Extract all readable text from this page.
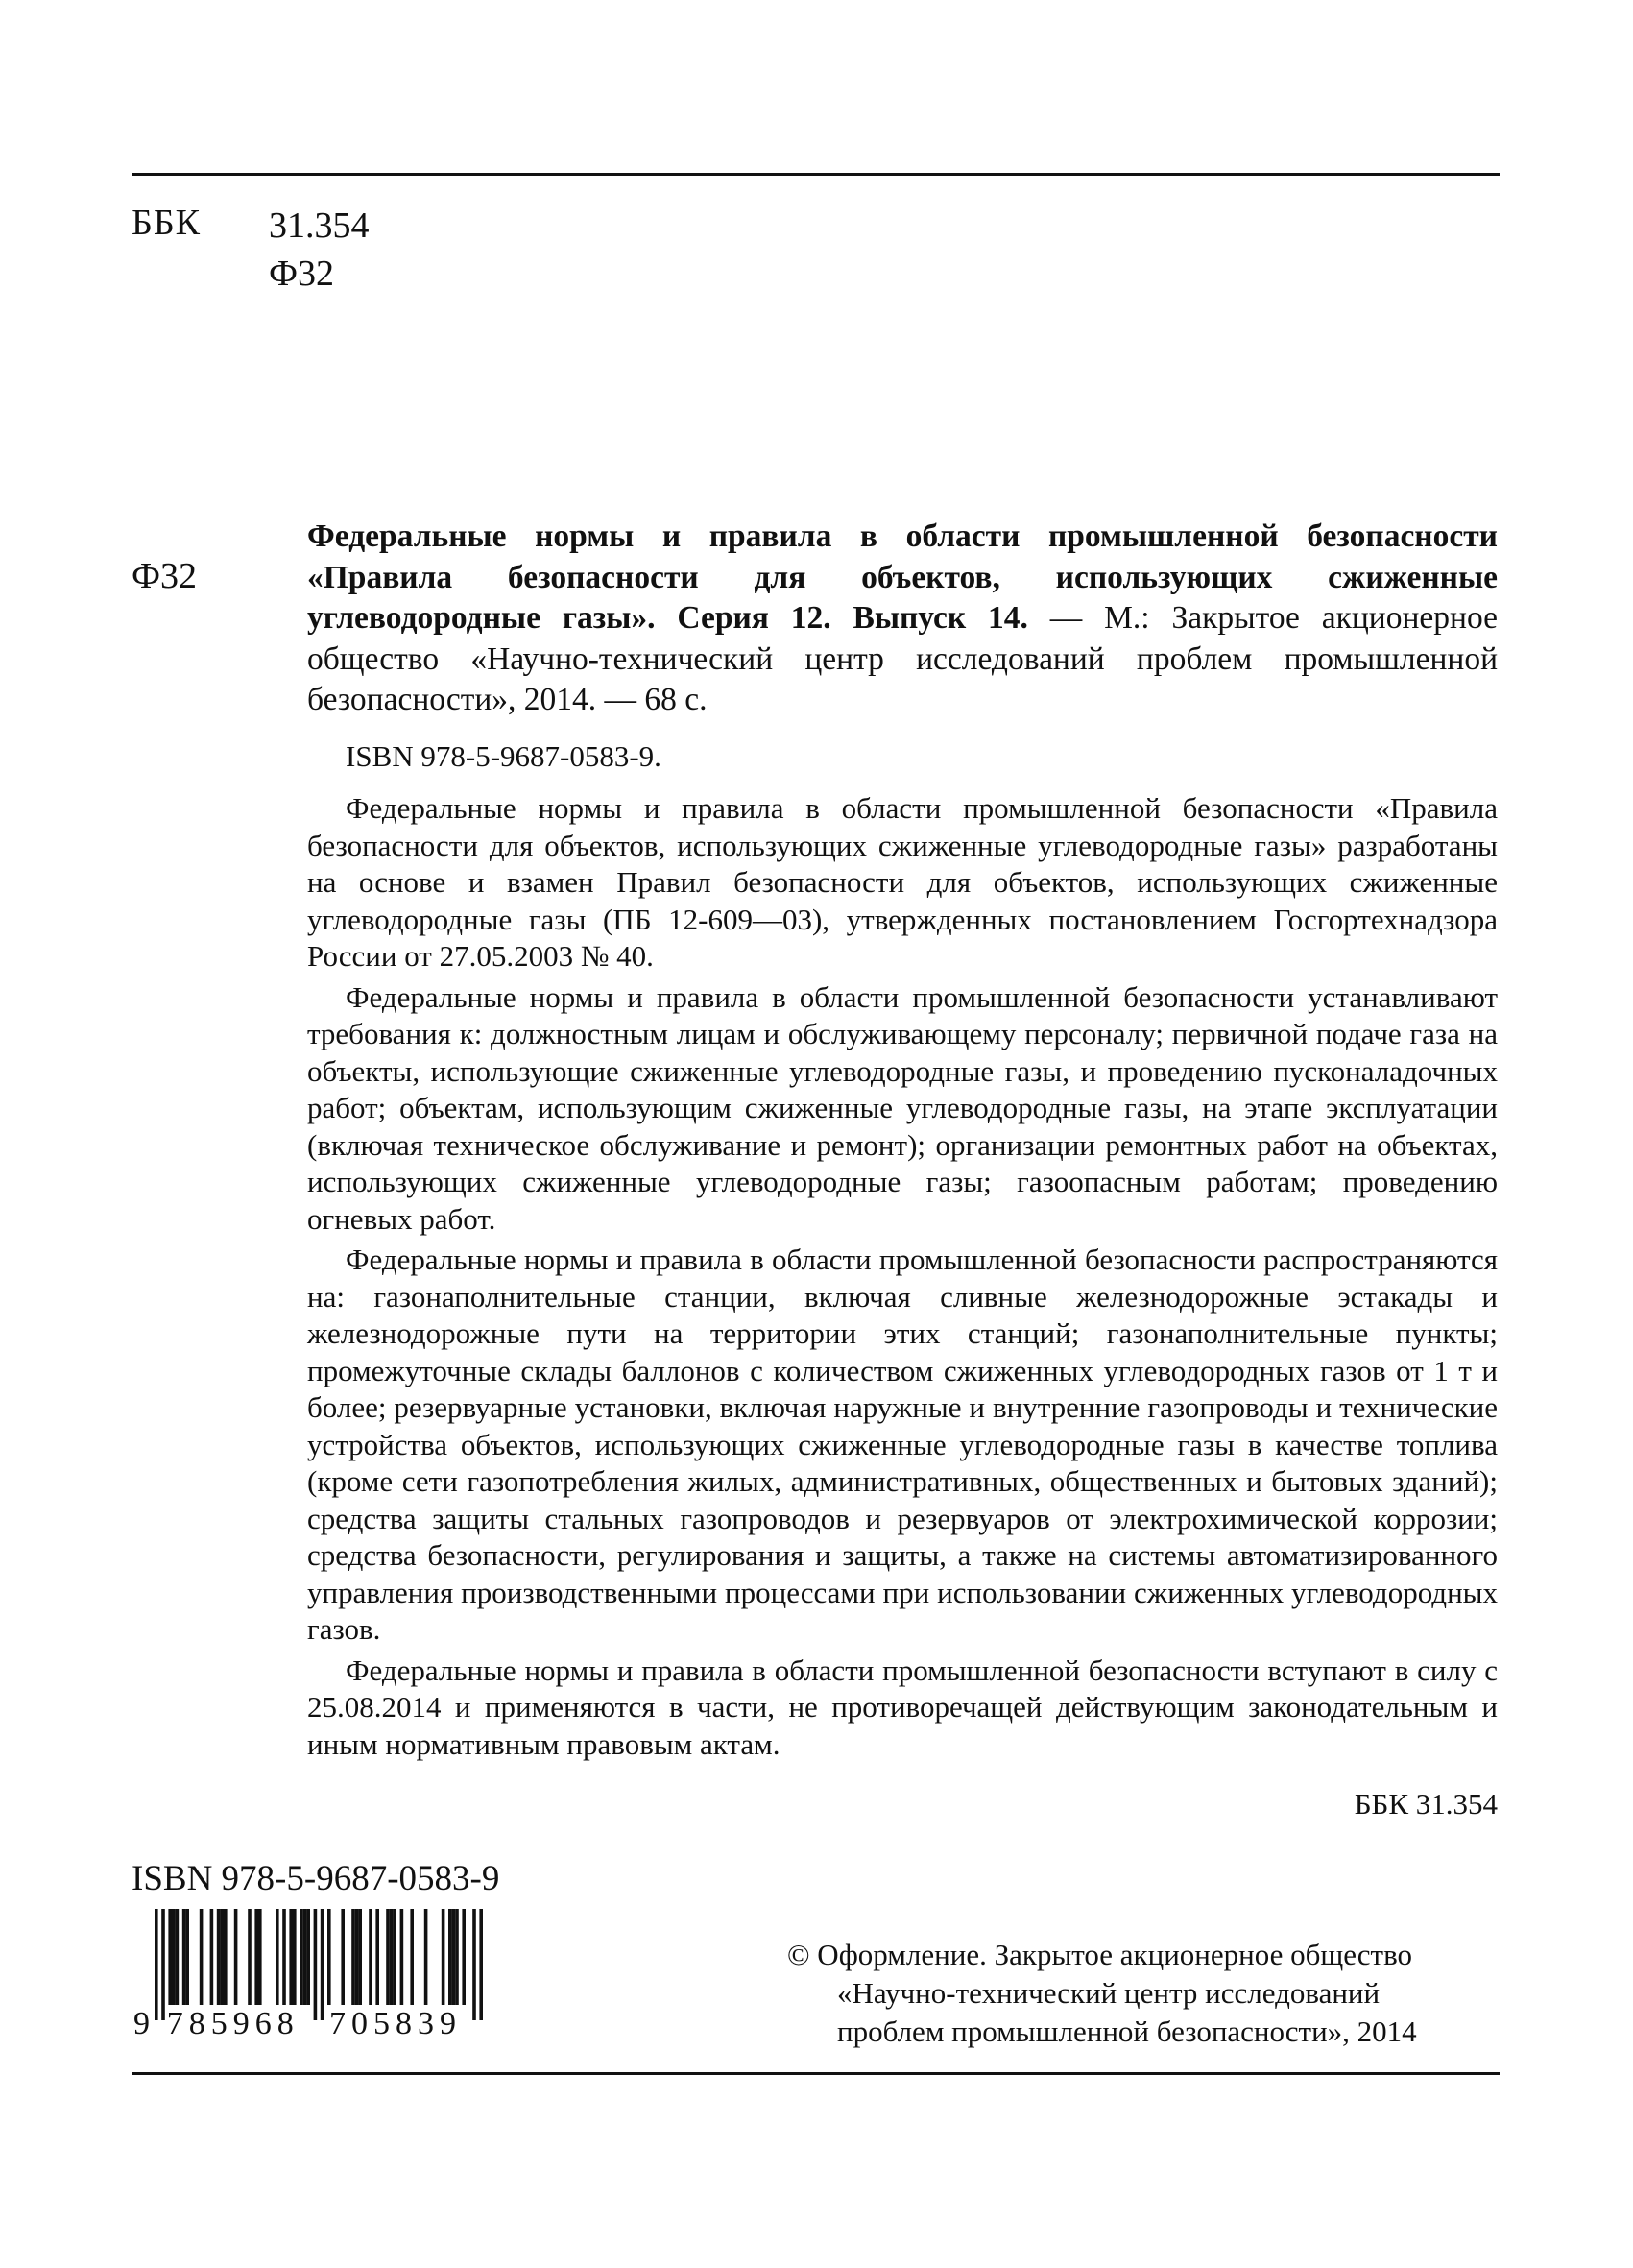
ББК 31.354
Ф32
Ф32

Федеральные нормы и правила в области промышленной безопасности «Правила безопасности для объектов, использующих сжиженные углеводородные газы». Серия 12. Выпуск 14. — М.: Закрытое акционерное общество «Научно-технический центр исследований проблем промышленной безопасности», 2014. — 68 с.

ISBN 978-5-9687-0583-9.

Федеральные нормы и правила в области промышленной безопасности «Правила безопасности для объектов, использующих сжиженные углеводородные газы» разработаны на основе и взамен Правил безопасности для объектов, использующих сжиженные углеводородные газы (ПБ 12-609—03), утвержденных постановлением Госгортехнадзора России от 27.05.2003 № 40.

Федеральные нормы и правила в области промышленной безопасности устанавливают требования к: должностным лицам и обслуживающему персоналу; первичной подаче газа на объекты, использующие сжиженные углеводородные газы, и проведению пусконаладочных работ; объектам, использующим сжиженные углеводородные газы, на этапе эксплуатации (включая техническое обслуживание и ремонт); организации ремонтных работ на объектах, использующих сжиженные углеводородные газы; газоопасным работам; проведению огневых работ.

Федеральные нормы и правила в области промышленной безопасности распространяются на: газонаполнительные станции, включая сливные железнодорожные эстакады и железнодорожные пути на территории этих станций; газонаполнительные пункты; промежуточные склады баллонов с количеством сжиженных углеводородных газов от 1 т и более; резервуарные установки, включая наружные и внутренние газопроводы и технические устройства объектов, использующих сжиженные углеводородные газы в качестве топлива (кроме сети газопотребления жилых, административных, общественных и бытовых зданий); средства защиты стальных газопроводов и резервуаров от электрохимической коррозии; средства безопасности, регулирования и защиты, а также на системы автоматизированного управления производственными процессами при использовании сжиженных углеводородных газов.

Федеральные нормы и правила в области промышленной безопасности вступают в силу с 25.08.2014 и применяются в части, не противоречащей действующим законодательным и иным нормативным правовым актам.

ББК 31.354
ISBN 978-5-9687-0583-9
9 785968 705839
© Оформление. Закрытое акционерное общество
«Научно-технический центр исследований
проблем промышленной безопасности», 2014
